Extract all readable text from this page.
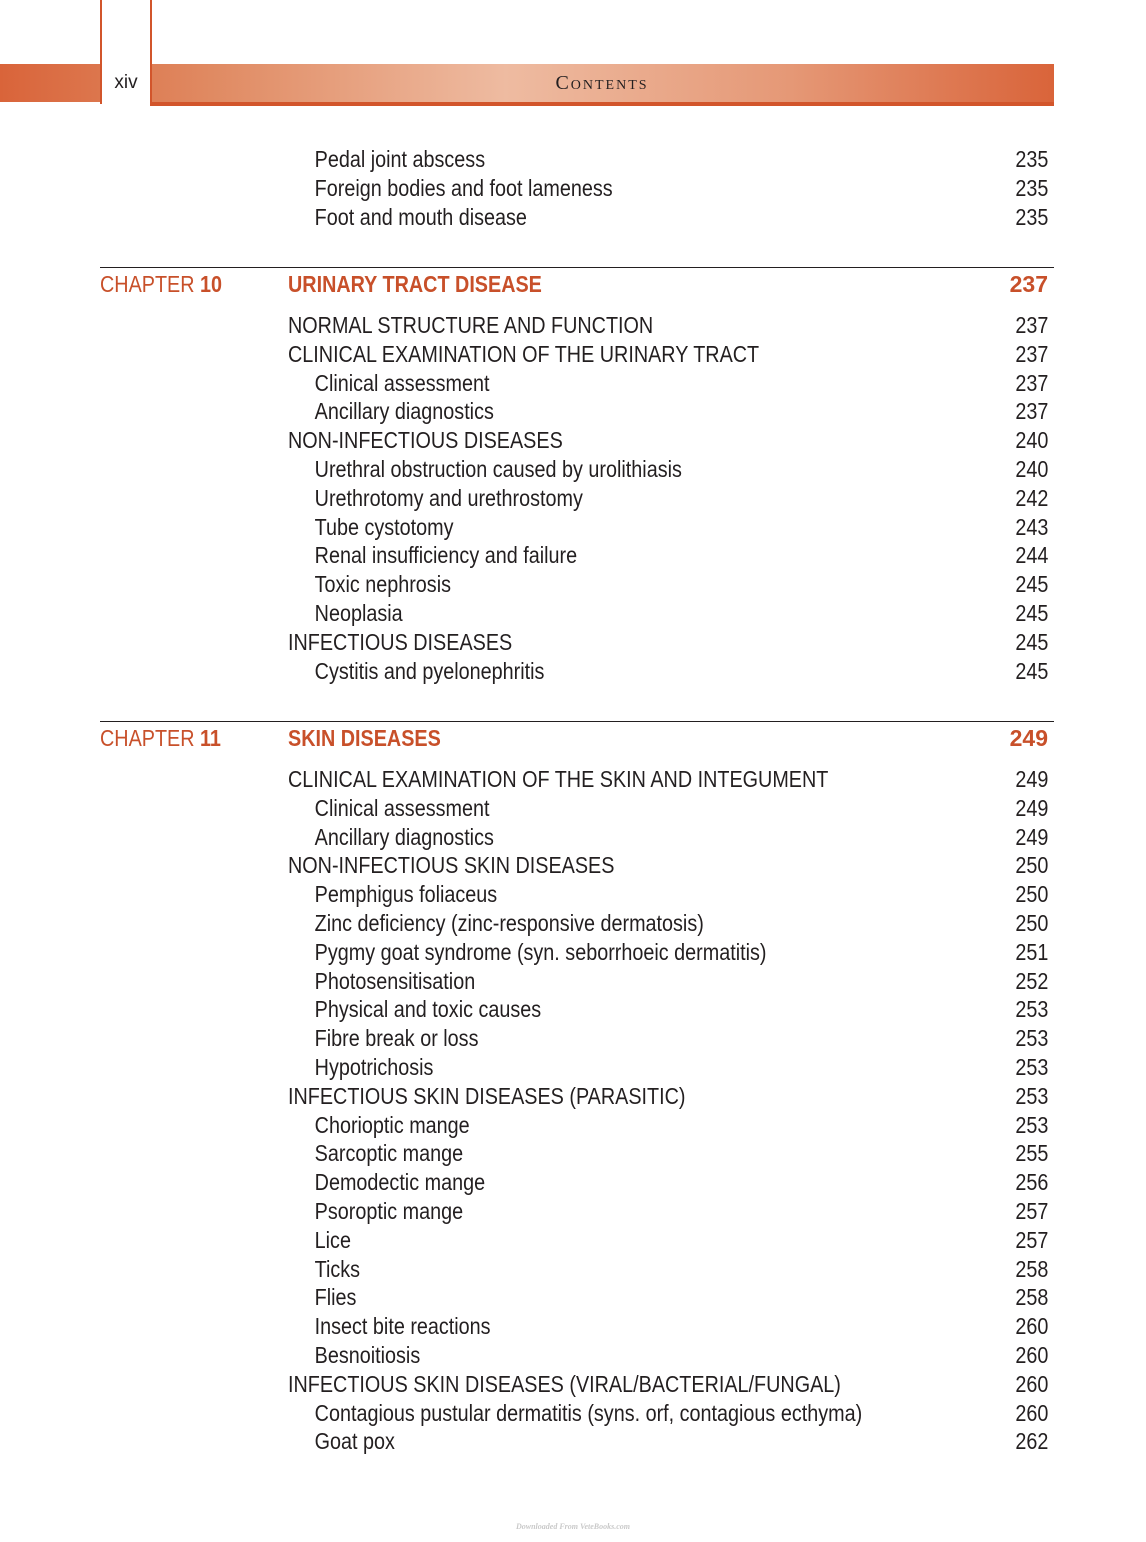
xiv	Contents
Pedal joint abscess	235
Foreign bodies and foot lameness	235
Foot and mouth disease	235
CHAPTER 10	URINARY TRACT DISEASE	237
NORMAL STRUCTURE AND FUNCTION	237
CLINICAL EXAMINATION OF THE URINARY TRACT	237
Clinical assessment	237
Ancillary diagnostics	237
NON-INFECTIOUS DISEASES	240
Urethral obstruction caused by urolithiasis	240
Urethrotomy and urethrostomy	242
Tube cystotomy	243
Renal insufficiency and failure	244
Toxic nephrosis	245
Neoplasia	245
INFECTIOUS DISEASES	245
Cystitis and pyelonephritis	245
CHAPTER 11	SKIN DISEASES	249
CLINICAL EXAMINATION OF THE SKIN AND INTEGUMENT	249
Clinical assessment	249
Ancillary diagnostics	249
NON-INFECTIOUS SKIN DISEASES	250
Pemphigus foliaceus	250
Zinc deficiency (zinc-responsive dermatosis)	250
Pygmy goat syndrome (syn. seborrhoeic dermatitis)	251
Photosensitisation	252
Physical and toxic causes	253
Fibre break or loss	253
Hypotrichosis	253
INFECTIOUS SKIN DISEASES (PARASITIC)	253
Chorioptic mange	253
Sarcoptic mange	255
Demodectic mange	256
Psoroptic mange	257
Lice	257
Ticks	258
Flies	258
Insect bite reactions	260
Besnoitiosis	260
INFECTIOUS SKIN DISEASES (VIRAL/BACTERIAL/FUNGAL)	260
Contagious pustular dermatitis (syns. orf, contagious ecthyma)	260
Goat pox	262
Downloaded From VeteBooks.com
